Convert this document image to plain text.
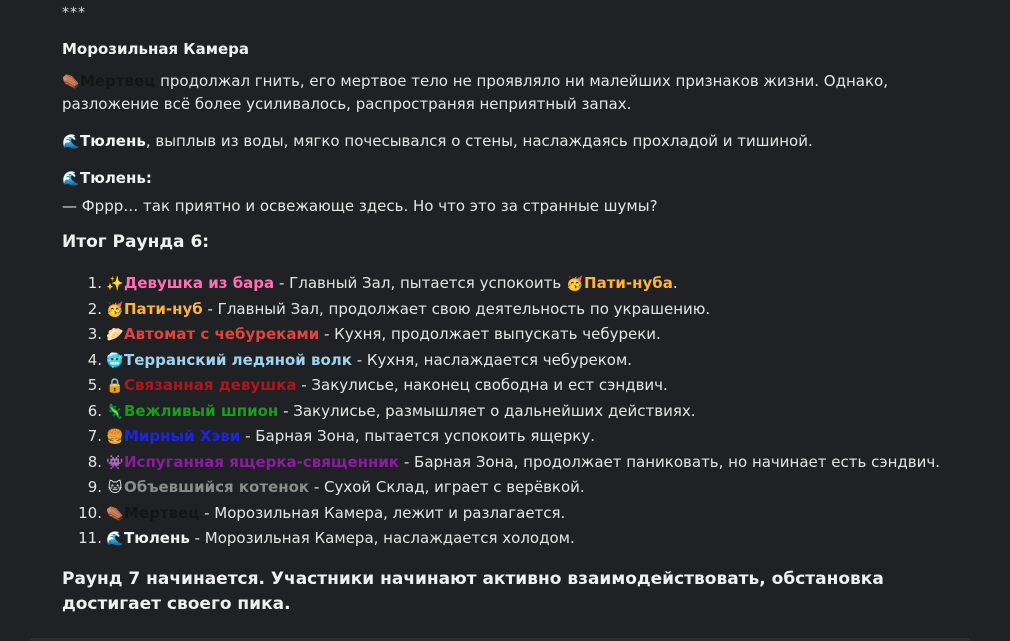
***
Морозильная Камера
⚰️Мертвец продолжал гнить, его мертвое тело не проявляло ни малейших признаков жизни. Однако, разложение всё более усиливалось, распространяя неприятный запах.
🌊Тюлень, выплыв из воды, мягко почесывался о стены, наслаждаясь прохладой и тишиной.
🌊Тюлень:
— Фррр… так приятно и освежающе здесь. Но что это за странные шумы?
Итог Раунда 6:
1. ✨Девушка из бара - Главный Зал, пытается успокоить 🥳Пати-нуба.
2. 🥳Пати-нуб - Главный Зал, продолжает свою деятельность по украшению.
3. 🥟Автомат с чебуреками - Кухня, продолжает выпускать чебуреки.
4. 🥶Терранский ледяной волк - Кухня, наслаждается чебуреком.
5. 🔒Связанная девушка - Закулисье, наконец свободна и ест сэндвич.
6. 🦎Вежливый шпион - Закулисье, размышляет о дальнейших действиях.
7. 🍔Мирный Хэви - Барная Зона, пытается успокоить ящерку.
8. 👾Испуганная ящерка-священник - Барная Зона, продолжает паниковать, но начинает есть сэндвич.
9. 🐱 Объевшийся котенок - Сухой Склад, играет с верёвкой.
10. ⚰️Мертвец - Морозильная Камера, лежит и разлагается.
11. 🌊Тюлень - Морозильная Камера, наслаждается холодом.
Раунд 7 начинается. Участники начинают активно взаимодействовать, обстановка достигает своего пика.
